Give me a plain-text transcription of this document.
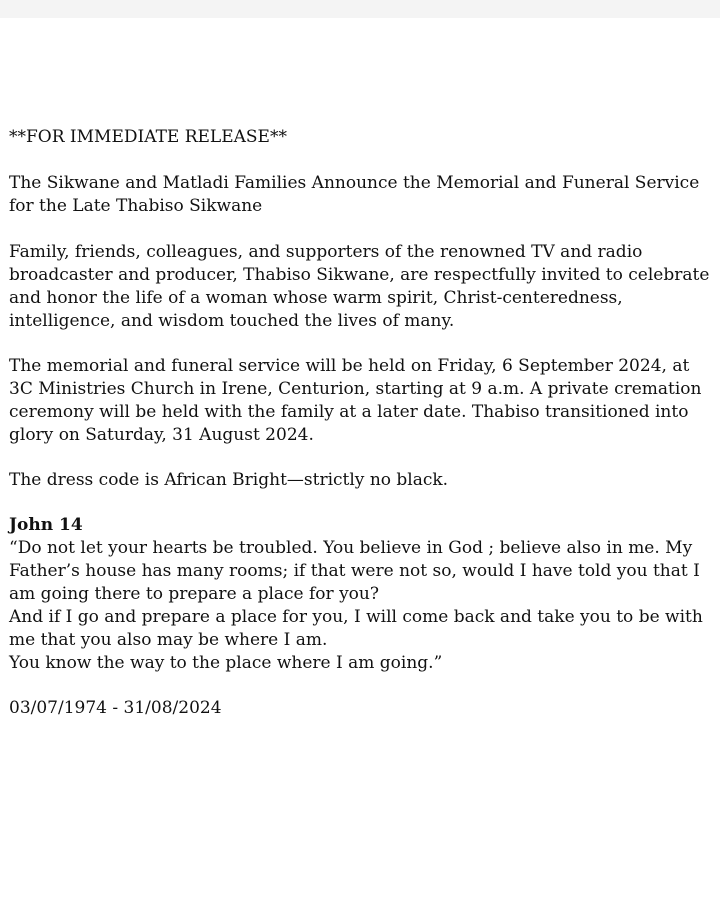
**FOR IMMEDIATE RELEASE**

The Sikwane and Matladi Families Announce the Memorial and Funeral Service for the Late Thabiso Sikwane

Family, friends, colleagues, and supporters of the renowned TV and radio broadcaster and producer, Thabiso Sikwane, are respectfully invited to celebrate and honor the life of a woman whose warm spirit, Christ-centeredness, intelligence, and wisdom touched the lives of many.

The memorial and funeral service will be held on Friday, 6 September 2024, at 3C Ministries Church in Irene, Centurion, starting at 9 a.m. A private cremation ceremony will be held with the family at a later date. Thabiso transitioned into glory on Saturday, 31 August 2024.

The dress code is African Bright—strictly no black.

John 14

“Do not let your hearts be troubled. You believe in God ; believe also in me. My Father’s house has many rooms; if that were not so, would I have told you that I am going there to prepare a place for you?
And if I go and prepare a place for you, I will come back and take you to be with me that you also may be where I am.
You know the way to the place where I am going.”

03/07/1974 - 31/08/2024
